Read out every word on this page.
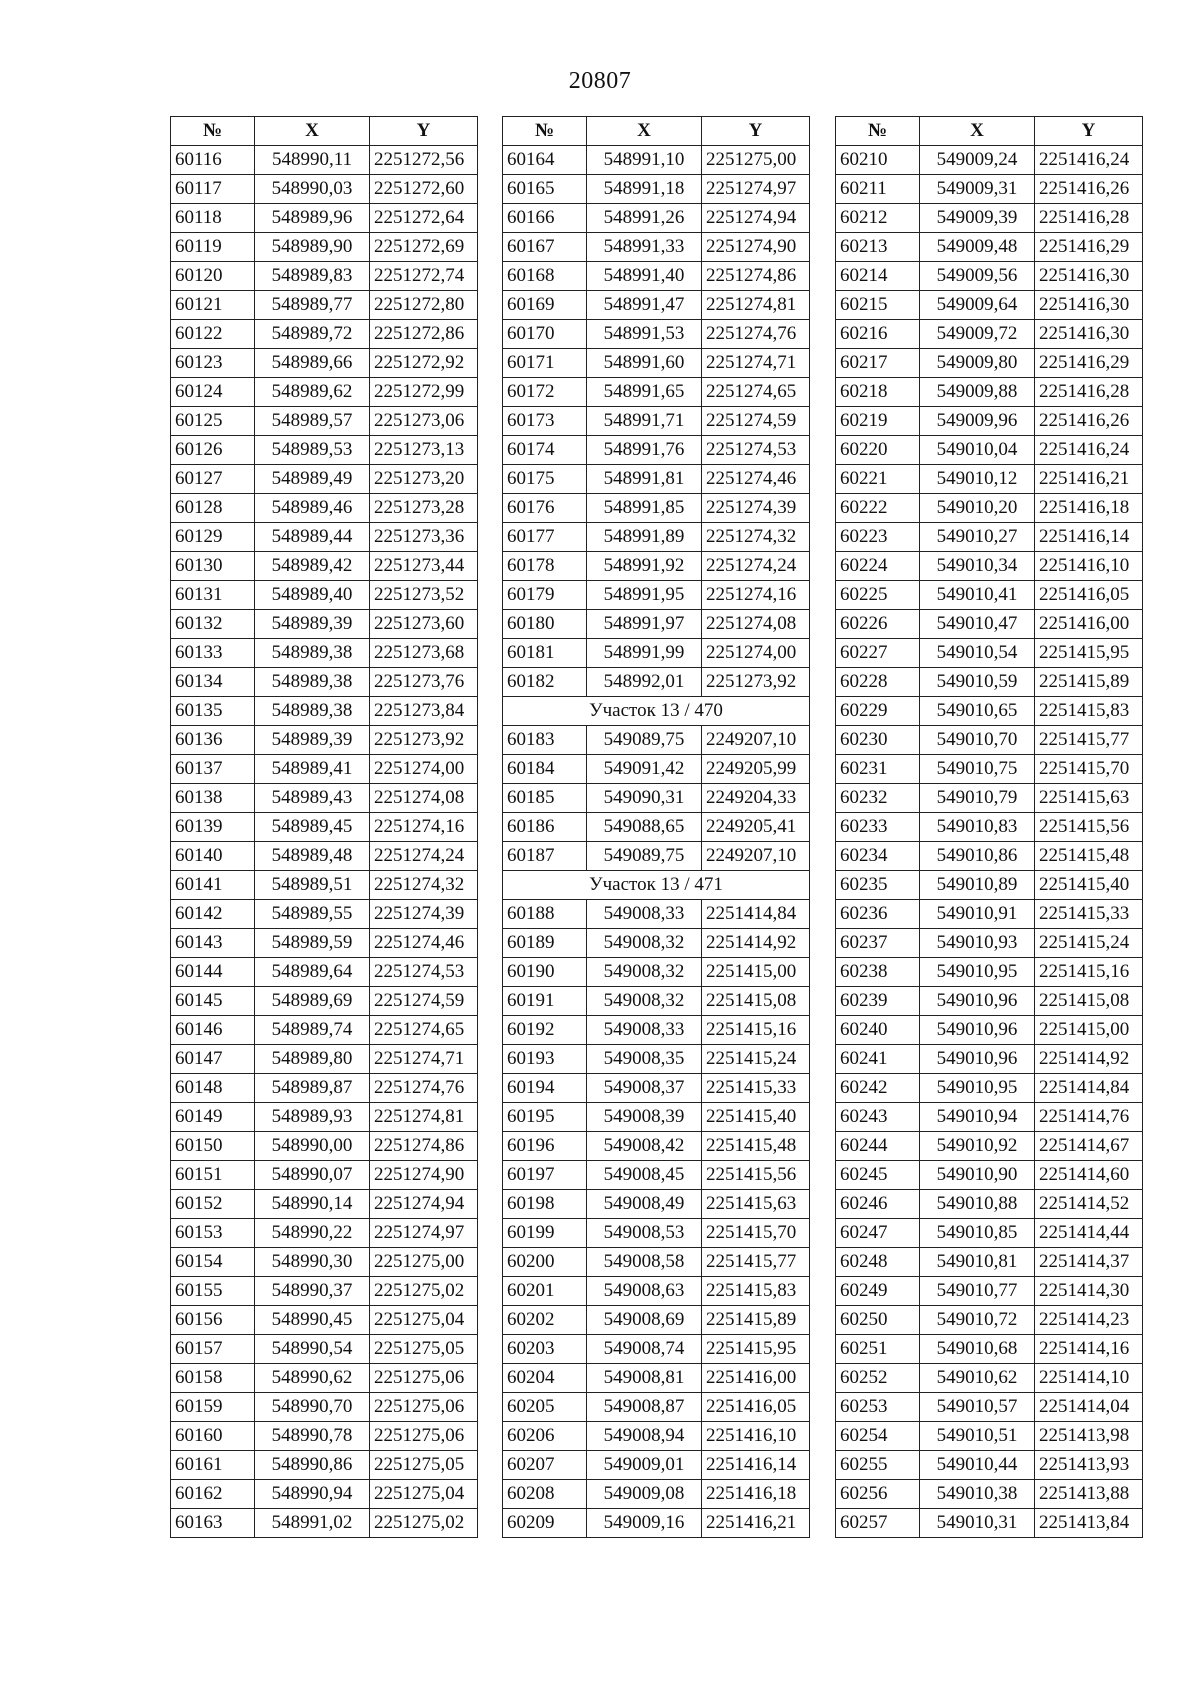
20807
№	X	Y
60116	548990,11	2251272,56
60117	548990,03	2251272,60
60118	548989,96	2251272,64
60119	548989,90	2251272,69
60120	548989,83	2251272,74
60121	548989,77	2251272,80
60122	548989,72	2251272,86
60123	548989,66	2251272,92
60124	548989,62	2251272,99
60125	548989,57	2251273,06
60126	548989,53	2251273,13
60127	548989,49	2251273,20
60128	548989,46	2251273,28
60129	548989,44	2251273,36
60130	548989,42	2251273,44
60131	548989,40	2251273,52
60132	548989,39	2251273,60
60133	548989,38	2251273,68
60134	548989,38	2251273,76
60135	548989,38	2251273,84
60136	548989,39	2251273,92
60137	548989,41	2251274,00
60138	548989,43	2251274,08
60139	548989,45	2251274,16
60140	548989,48	2251274,24
60141	548989,51	2251274,32
60142	548989,55	2251274,39
60143	548989,59	2251274,46
60144	548989,64	2251274,53
60145	548989,69	2251274,59
60146	548989,74	2251274,65
60147	548989,80	2251274,71
60148	548989,87	2251274,76
60149	548989,93	2251274,81
60150	548990,00	2251274,86
60151	548990,07	2251274,90
60152	548990,14	2251274,94
60153	548990,22	2251274,97
60154	548990,30	2251275,00
60155	548990,37	2251275,02
60156	548990,45	2251275,04
60157	548990,54	2251275,05
60158	548990,62	2251275,06
60159	548990,70	2251275,06
60160	548990,78	2251275,06
60161	548990,86	2251275,05
60162	548990,94	2251275,04
60163	548991,02	2251275,02
№	X	Y
60164	548991,10	2251275,00
60165	548991,18	2251274,97
60166	548991,26	2251274,94
60167	548991,33	2251274,90
60168	548991,40	2251274,86
60169	548991,47	2251274,81
60170	548991,53	2251274,76
60171	548991,60	2251274,71
60172	548991,65	2251274,65
60173	548991,71	2251274,59
60174	548991,76	2251274,53
60175	548991,81	2251274,46
60176	548991,85	2251274,39
60177	548991,89	2251274,32
60178	548991,92	2251274,24
60179	548991,95	2251274,16
60180	548991,97	2251274,08
60181	548991,99	2251274,00
60182	548992,01	2251273,92
Участок 13 / 470		
60183	549089,75	2249207,10
60184	549091,42	2249205,99
60185	549090,31	2249204,33
60186	549088,65	2249205,41
60187	549089,75	2249207,10
Участок 13 / 471		
60188	549008,33	2251414,84
60189	549008,32	2251414,92
60190	549008,32	2251415,00
60191	549008,32	2251415,08
60192	549008,33	2251415,16
60193	549008,35	2251415,24
60194	549008,37	2251415,33
60195	549008,39	2251415,40
60196	549008,42	2251415,48
60197	549008,45	2251415,56
60198	549008,49	2251415,63
60199	549008,53	2251415,70
60200	549008,58	2251415,77
60201	549008,63	2251415,83
60202	549008,69	2251415,89
60203	549008,74	2251415,95
60204	549008,81	2251416,00
60205	549008,87	2251416,05
60206	549008,94	2251416,10
60207	549009,01	2251416,14
60208	549009,08	2251416,18
60209	549009,16	2251416,21
№	X	Y
60210	549009,24	2251416,24
60211	549009,31	2251416,26
60212	549009,39	2251416,28
60213	549009,48	2251416,29
60214	549009,56	2251416,30
60215	549009,64	2251416,30
60216	549009,72	2251416,30
60217	549009,80	2251416,29
60218	549009,88	2251416,28
60219	549009,96	2251416,26
60220	549010,04	2251416,24
60221	549010,12	2251416,21
60222	549010,20	2251416,18
60223	549010,27	2251416,14
60224	549010,34	2251416,10
60225	549010,41	2251416,05
60226	549010,47	2251416,00
60227	549010,54	2251415,95
60228	549010,59	2251415,89
60229	549010,65	2251415,83
60230	549010,70	2251415,77
60231	549010,75	2251415,70
60232	549010,79	2251415,63
60233	549010,83	2251415,56
60234	549010,86	2251415,48
60235	549010,89	2251415,40
60236	549010,91	2251415,33
60237	549010,93	2251415,24
60238	549010,95	2251415,16
60239	549010,96	2251415,08
60240	549010,96	2251415,00
60241	549010,96	2251414,92
60242	549010,95	2251414,84
60243	549010,94	2251414,76
60244	549010,92	2251414,67
60245	549010,90	2251414,60
60246	549010,88	2251414,52
60247	549010,85	2251414,44
60248	549010,81	2251414,37
60249	549010,77	2251414,30
60250	549010,72	2251414,23
60251	549010,68	2251414,16
60252	549010,62	2251414,10
60253	549010,57	2251414,04
60254	549010,51	2251413,98
60255	549010,44	2251413,93
60256	549010,38	2251413,88
60257	549010,31	2251413,84
